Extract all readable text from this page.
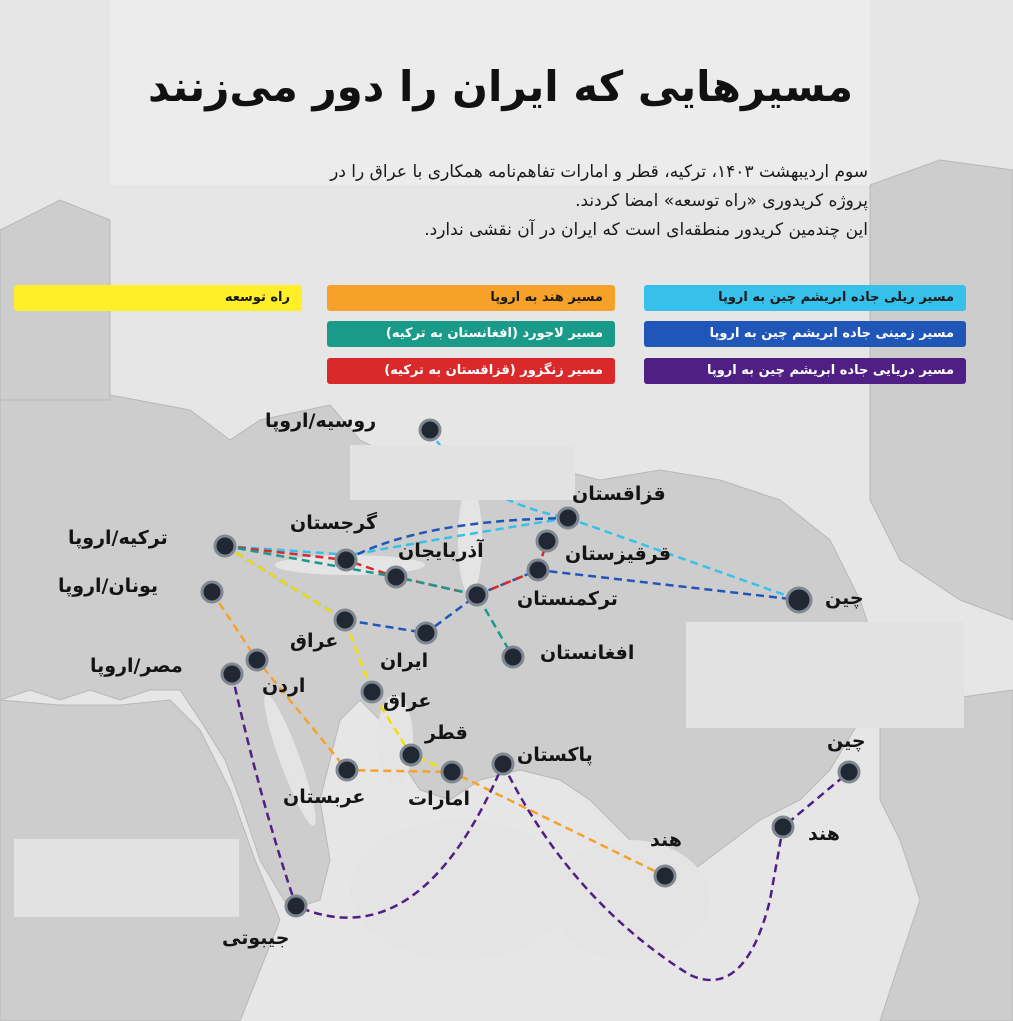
مسیرهایی که ایران را دور می‌زنند
سوم اردیبهشت ۱۴۰۳، ترکیه، قطر و امارات تفاهم‌نامه همکاری با عراق را در
پروژه کریدوری «راه توسعه» امضا کردند.
این چندمین کریدور منطقه‌ای است که ایران در آن نقشی ندارد.
راه توسعه	مسیر هند به اروپا	مسیر ریلی جاده ابریشم چین به اروپا
مسیر لاجورد (افغانستان به ترکیه)	مسیر زمینی جاده ابریشم چین به اروپا
مسیر زنگزور (قزاقستان به ترکیه)	مسیر دریایی جاده ابریشم چین به اروپا
روسیه/اروپا
قزاقستان
گرجستان
ترکیه/اروپا
آذربایجان	قرقیزستان
یونان/اروپا
ترکمنستان	چین
عراق
ایران	افغانستان
مصر/اروپا
اردن
عراق
قطر
پاکستان
چین
عربستان امارات
هند
هند
جیبوتی
